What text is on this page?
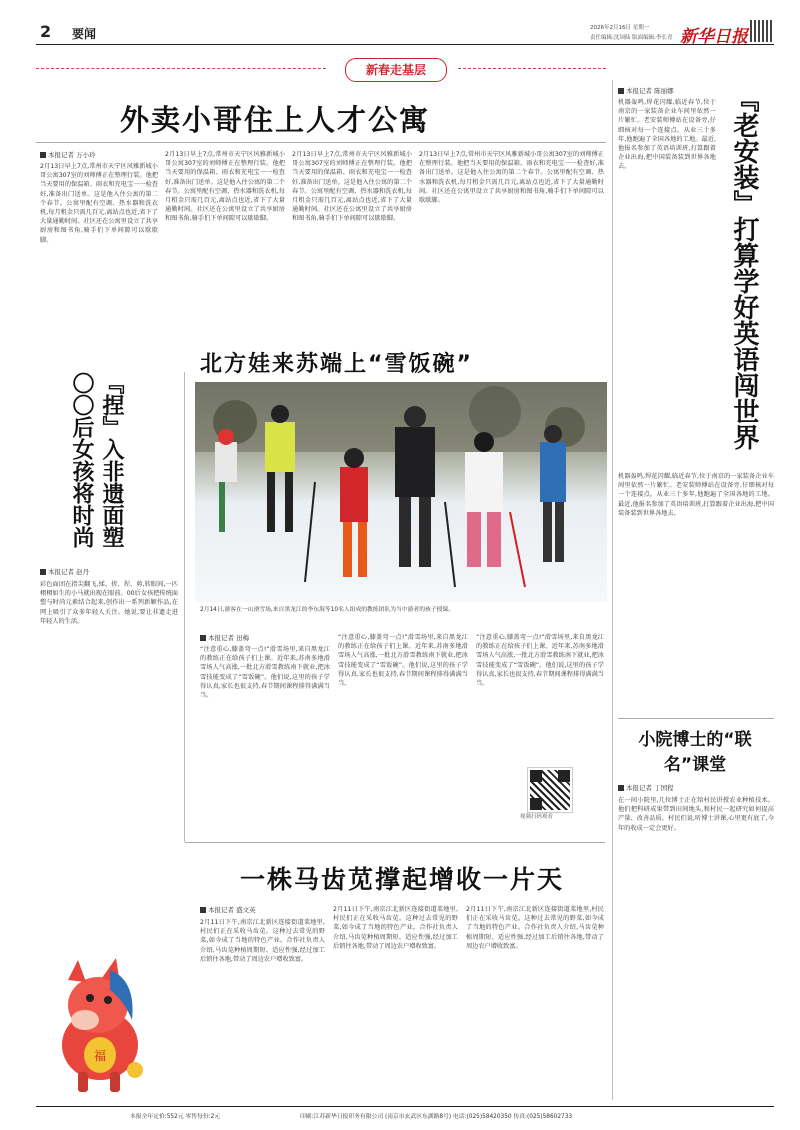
2 要闻	2026年2月16日 星期一
责任编辑:沈国仙 版面编辑:李长青 新华日报
新春走基层
外卖小哥住上人才公寓
本报记者 万小玲
2月13日早上7点,常州市天宁区风雅新城小哥公寓307室的刘师傅正在整理行装。他把当天要用的保温箱、雨衣和充电宝一一检查好,准备出门送单。这是他入住公寓的第二个春节。公寓里配有空调、热水器和洗衣机,每月租金只需几百元,离站点也近,省下了大量通勤时间。社区还在公寓里设立了共享厨房和图书角,骑手们下单间隙可以歇歇脚。
2月13日早上7点,常州市天宁区风雅新城小哥公寓307室的刘师傅正在整理行装。他把当天要用的保温箱、雨衣和充电宝一一检查好,准备出门送单。这是他入住公寓的第二个春节。公寓里配有空调、热水器和洗衣机,每月租金只需几百元,离站点也近,省下了大量通勤时间。社区还在公寓里设立了共享厨房和图书角,骑手们下单间隙可以歇歇脚。
2月13日早上7点,常州市天宁区风雅新城小哥公寓307室的刘师傅正在整理行装。他把当天要用的保温箱、雨衣和充电宝一一检查好,准备出门送单。这是他入住公寓的第二个春节。公寓里配有空调、热水器和洗衣机,每月租金只需几百元,离站点也近,省下了大量通勤时间。社区还在公寓里设立了共享厨房和图书角,骑手们下单间隙可以歇歇脚。
2月13日早上7点,常州市天宁区风雅新城小哥公寓307室的刘师傅正在整理行装。他把当天要用的保温箱、雨衣和充电宝一一检查好,准备出门送单。这是他入住公寓的第二个春节。公寓里配有空调、热水器和洗衣机,每月租金只需几百元,离站点也近,省下了大量通勤时间。社区还在公寓里设立了共享厨房和图书角,骑手们下单间隙可以歇歇脚。
『捏』入非遗面塑 〇〇后女孩将时尚
本报记者 赵丹
彩色面团在指尖翻飞,揉、搓、捏、剪,转眼间,一匹栩栩如生的小马就出现在眼前。00后女孩把传统面塑与时尚元素结合起来,创作出一系列新颖作品,在网上吸引了众多年轻人关注。她说,要让非遗走进年轻人的生活。
北方娃来苏端上“雪饭碗”
2月14日,游客在一山滑雪场,来自黑龙江的李东海等10名人组成的教练团队为当中游者的孩子授课。
本报记者 田梅
“注意重心,膝盖弯一点!”滑雪场里,来自黑龙江的教练正在给孩子们上课。近年来,苏南多地滑雪场人气高涨,一批北方滑雪教练南下就业,把冰雪技能变成了“雪饭碗”。他们说,这里的孩子学得认真,家长也很支持,春节期间课程排得满满当当。
“注意重心,膝盖弯一点!”滑雪场里,来自黑龙江的教练正在给孩子们上课。近年来,苏南多地滑雪场人气高涨,一批北方滑雪教练南下就业,把冰雪技能变成了“雪饭碗”。他们说,这里的孩子学得认真,家长也很支持,春节期间课程排得满满当当。
“注意重心,膝盖弯一点!”滑雪场里,来自黑龙江的教练正在给孩子们上课。近年来,苏南多地滑雪场人气高涨,一批北方滑雪教练南下就业,把冰雪技能变成了“雪饭碗”。他们说,这里的孩子学得认真,家长也很支持,春节期间课程排得满满当当。
视频扫码观看
一株马齿苋撑起增收一片天
本报记者 盛文英
2月11日下午,南京江北新区连接街道菜地里,村民们正在采收马齿苋。这种过去常见的野菜,如今成了当地的特色产业。合作社负责人介绍,马齿苋种植周期短、适应性强,经过加工后销往各地,带动了周边农户增收致富。
2月11日下午,南京江北新区连接街道菜地里,村民们正在采收马齿苋。这种过去常见的野菜,如今成了当地的特色产业。合作社负责人介绍,马齿苋种植周期短、适应性强,经过加工后销往各地,带动了周边农户增收致富。
2月11日下午,南京江北新区连接街道菜地里,村民们正在采收马齿苋。这种过去常见的野菜,如今成了当地的特色产业。合作社负责人介绍,马齿苋种植周期短、适应性强,经过加工后销往各地,带动了周边农户增收致富。
福
『老安装』打算学好英语闯世界
本报记者 陈丽娜
机器轰鸣,焊花闪耀,临近春节,位于南京的一家装备企业车间里依然一片繁忙。老安装师傅站在设备旁,仔细核对每一个连接点。从业三十多年,他跑遍了全国各地的工地。最近,他报名参加了英语培训班,打算跟着企业出海,把中国装备装到世界各地去。
机器轰鸣,焊花闪耀,临近春节,位于南京的一家装备企业车间里依然一片繁忙。老安装师傅站在设备旁,仔细核对每一个连接点。从业三十多年,他跑遍了全国各地的工地。最近,他报名参加了英语培训班,打算跟着企业出海,把中国装备装到世界各地去。
小院博士的“联名”课堂
本报记者 丁国程
在一间小院里,几位博士正在给村民讲授农业种植技术。他们把科研成果带到田间地头,和村民一起研究如何提高产量、改善品质。村民们说,听博士讲课,心里更有底了,今年的收成一定会更好。
本报全年定价:552元 零售每份:2元	印刷:江苏新华日报印务有限公司 (南京市玄武区东湖路8号) 电话:(025)58420350 传真:(025)58602733
